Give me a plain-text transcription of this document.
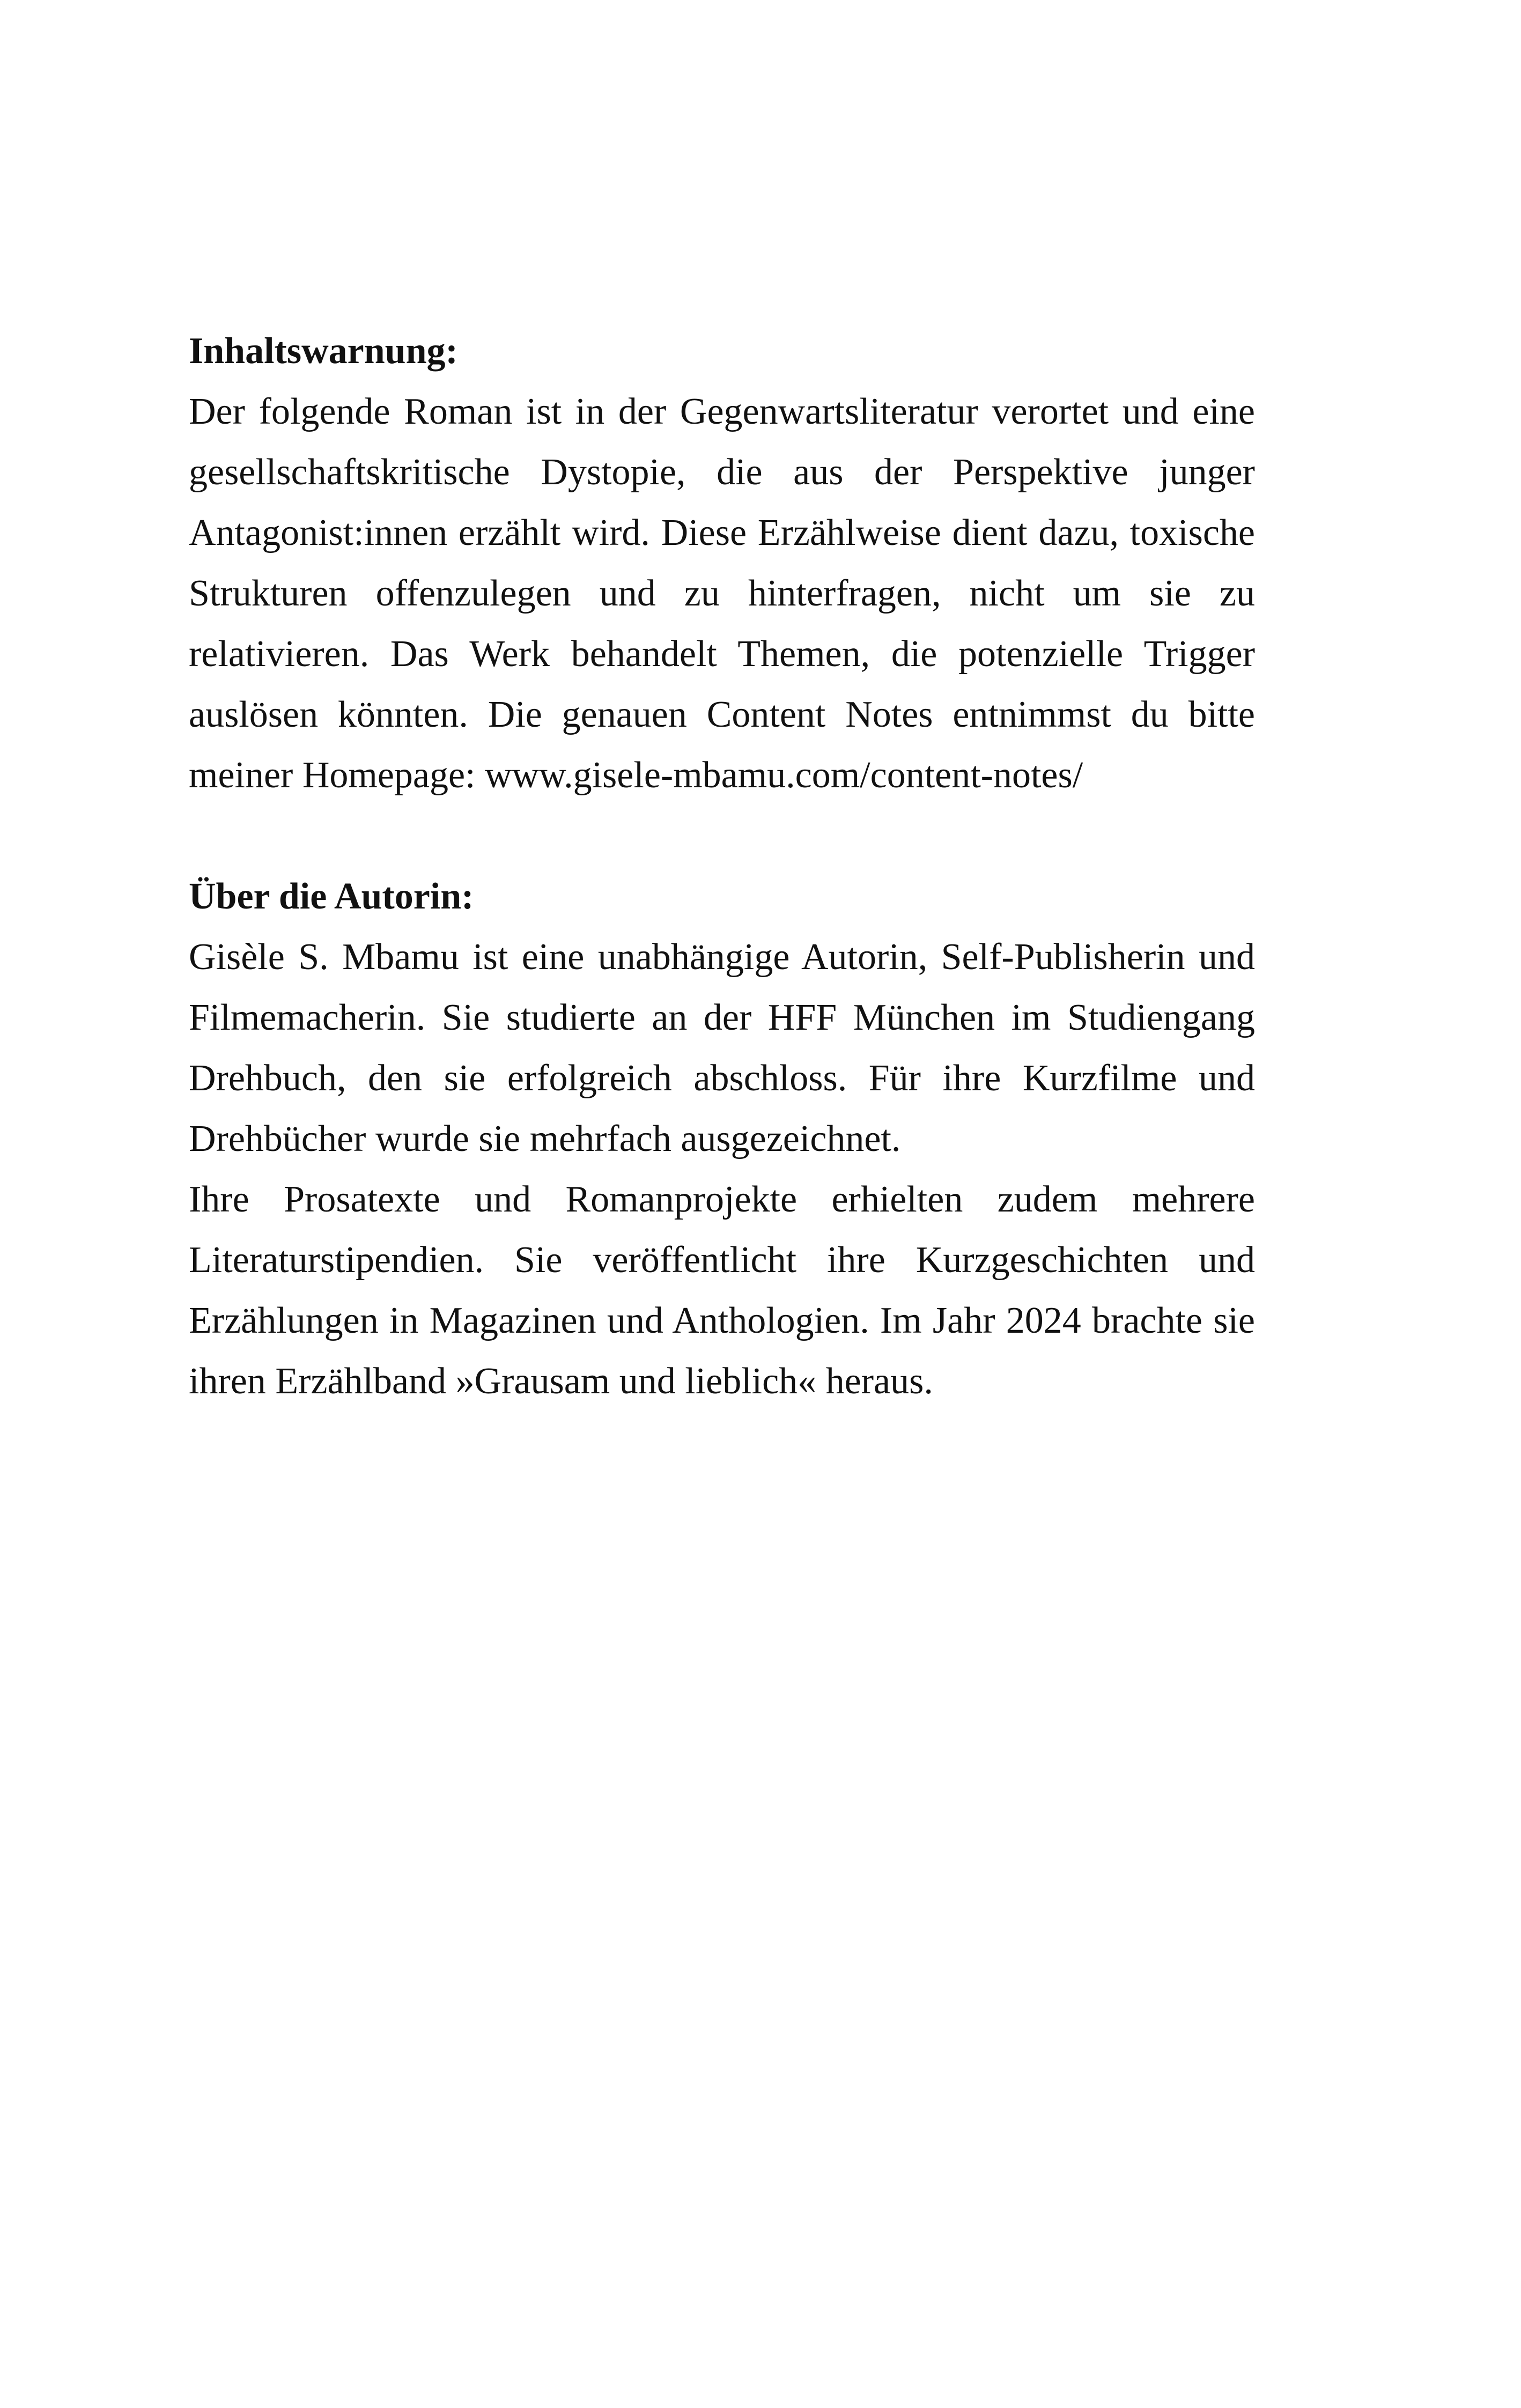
Inhaltswarnung:

Der folgende Roman ist in der Gegenwartsliteratur verortet und eine gesellschaftskritische Dystopie, die aus der Perspektive junger Antagonist:innen erzählt wird. Diese Erzählweise dient dazu, toxische Strukturen offenzulegen und zu hinterfragen, nicht um sie zu relativieren. Das Werk behandelt Themen, die potenzielle Trigger auslösen könnten. Die genauen Content Notes entnimmst du bitte meiner Homepage: www.gisele-mbamu.com/content-notes/

Über die Autorin:

Gisèle S. Mbamu ist eine unabhängige Autorin, Self-Publisherin und Filmemacherin. Sie studierte an der HFF München im Studiengang Drehbuch, den sie erfolgreich abschloss. Für ihre Kurzfilme und Drehbücher wurde sie mehrfach ausgezeichnet.

Ihre Prosatexte und Romanprojekte erhielten zudem mehrere Literaturstipendien. Sie veröffentlicht ihre Kurzgeschichten und Erzählungen in Magazinen und Anthologien. Im Jahr 2024 brachte sie ihren Erzählband »Grausam und lieblich« heraus.
